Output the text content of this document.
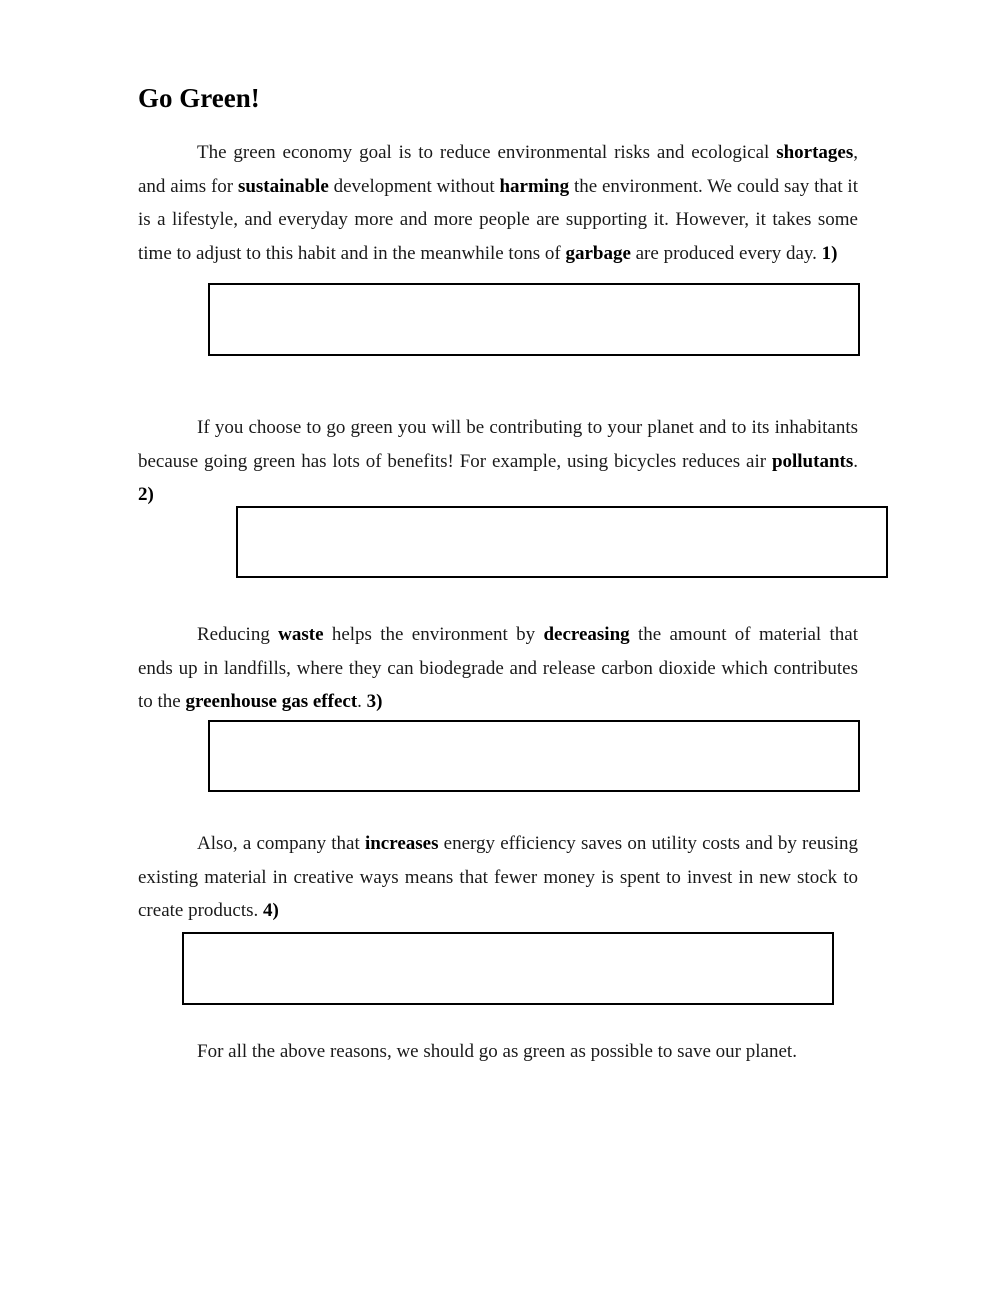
Go Green!

The green economy goal is to reduce environmental risks and ecological shortages, and aims for sustainable development without harming the environment. We could say that it is a lifestyle, and everyday more and more people are supporting it. However, it takes some time to adjust to this habit and in the meanwhile tons of garbage are produced every day. 1)

If you choose to go green you will be contributing to your planet and to its inhabitants because going green has lots of benefits! For example, using bicycles reduces air pollutants. 2)

Reducing waste helps the environment by decreasing the amount of material that ends up in landfills, where they can biodegrade and release carbon dioxide which contributes to the greenhouse gas effect. 3)

Also, a company that increases energy efficiency saves on utility costs and by reusing existing material in creative ways means that fewer money is spent to invest in new stock to create products. 4)

For all the above reasons, we should go as green as possible to save our planet.
